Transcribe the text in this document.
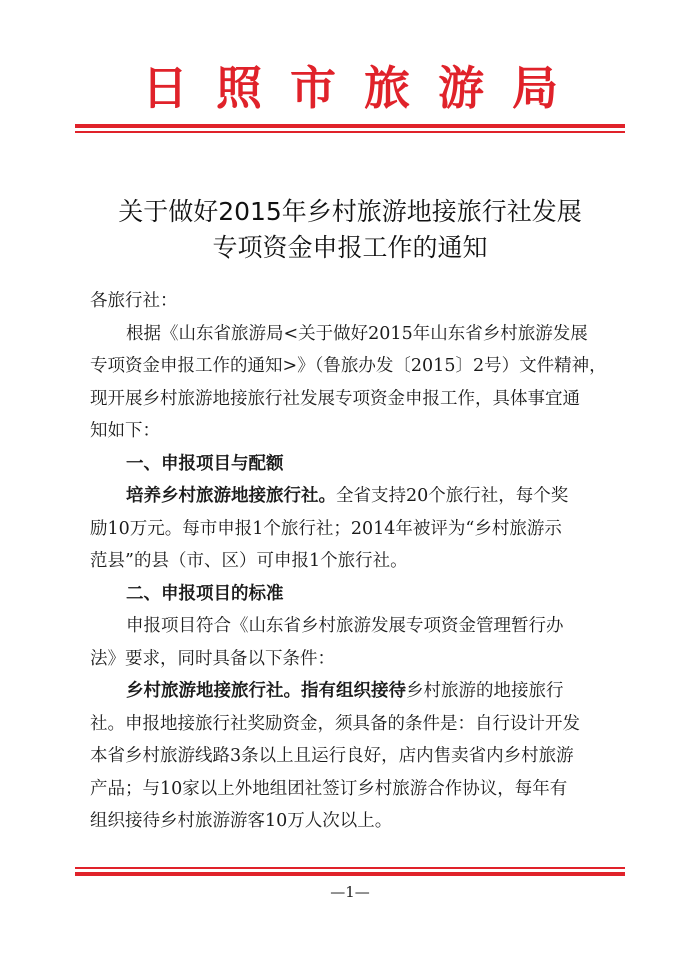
日 照 市 旅 游 局
关于做好2015年乡村旅游地接旅行社发展
专项资金申报工作的通知
各旅行社：
根据《山东省旅游局<关于做好2015年山东省乡村旅游发展
专项资金申报工作的通知>》（鲁旅办发〔2015〕2号）文件精神，
现开展乡村旅游地接旅行社发展专项资金申报工作，具体事宜通
知如下：
一、申报项目与配额
培养乡村旅游地接旅行社。全省支持20个旅行社，每个奖
励10万元。每市申报1个旅行社；2014年被评为“乡村旅游示
范县”的县（市、区）可申报1个旅行社。
二、申报项目的标准
申报项目符合《山东省乡村旅游发展专项资金管理暂行办
法》要求，同时具备以下条件：
乡村旅游地接旅行社。指有组织接待乡村旅游的地接旅行
社。申报地接旅行社奖励资金，须具备的条件是：自行设计开发
本省乡村旅游线路3条以上且运行良好，店内售卖省内乡村旅游
产品；与10家以上外地组团社签订乡村旅游合作协议，每年有
组织接待乡村旅游游客10万人次以上。
—1—
